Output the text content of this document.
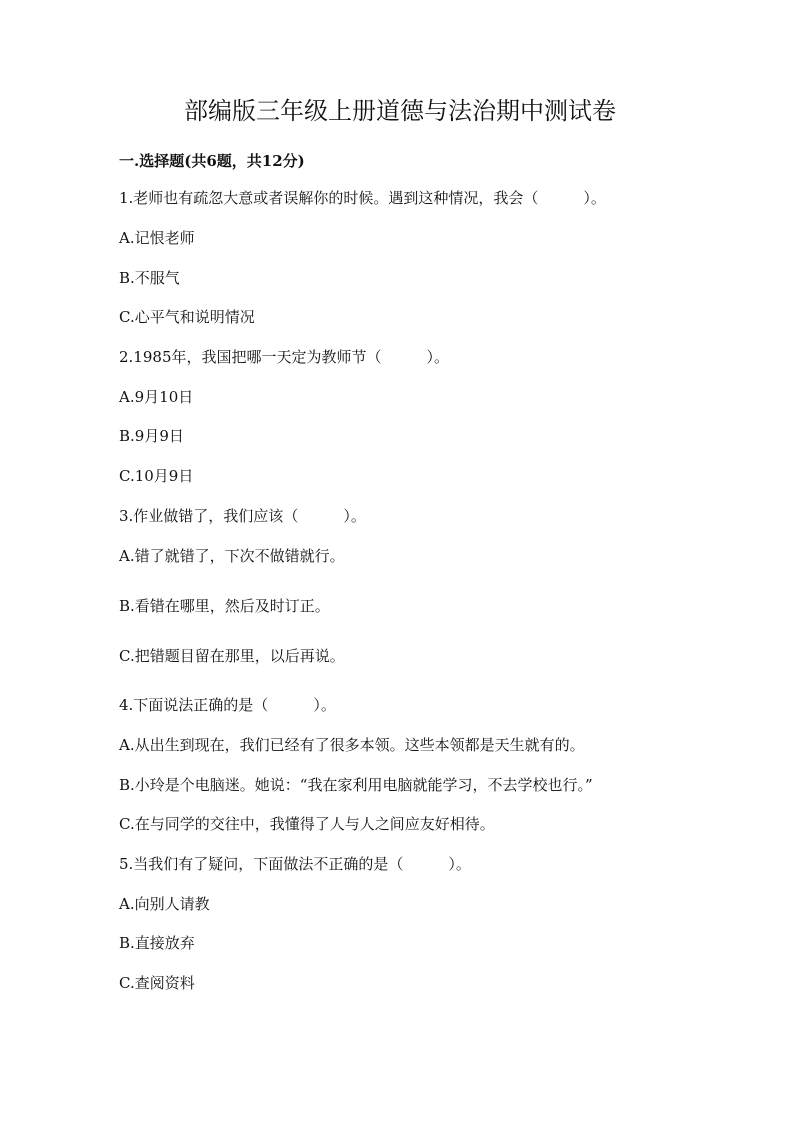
部编版三年级上册道德与法治期中测试卷
一.选择题(共6题，共12分)
1.老师也有疏忽大意或者误解你的时候。遇到这种情况，我会（　　　）。
A.记恨老师
B.不服气
C.心平气和说明情况
2.1985年，我国把哪一天定为教师节（　　　）。
A.9月10日
B.9月9日
C.10月9日
3.作业做错了，我们应该（　　　）。
A.错了就错了，下次不做错就行。
B.看错在哪里，然后及时订正。
C.把错题目留在那里，以后再说。
4.下面说法正确的是（　　　）。
A.从出生到现在，我们已经有了很多本领。这些本领都是天生就有的。
B.小玲是个电脑迷。她说：“我在家利用电脑就能学习，不去学校也行。”
C.在与同学的交往中，我懂得了人与人之间应友好相待。
5.当我们有了疑问，下面做法不正确的是（　　　）。
A.向别人请教
B.直接放弃
C.查阅资料
